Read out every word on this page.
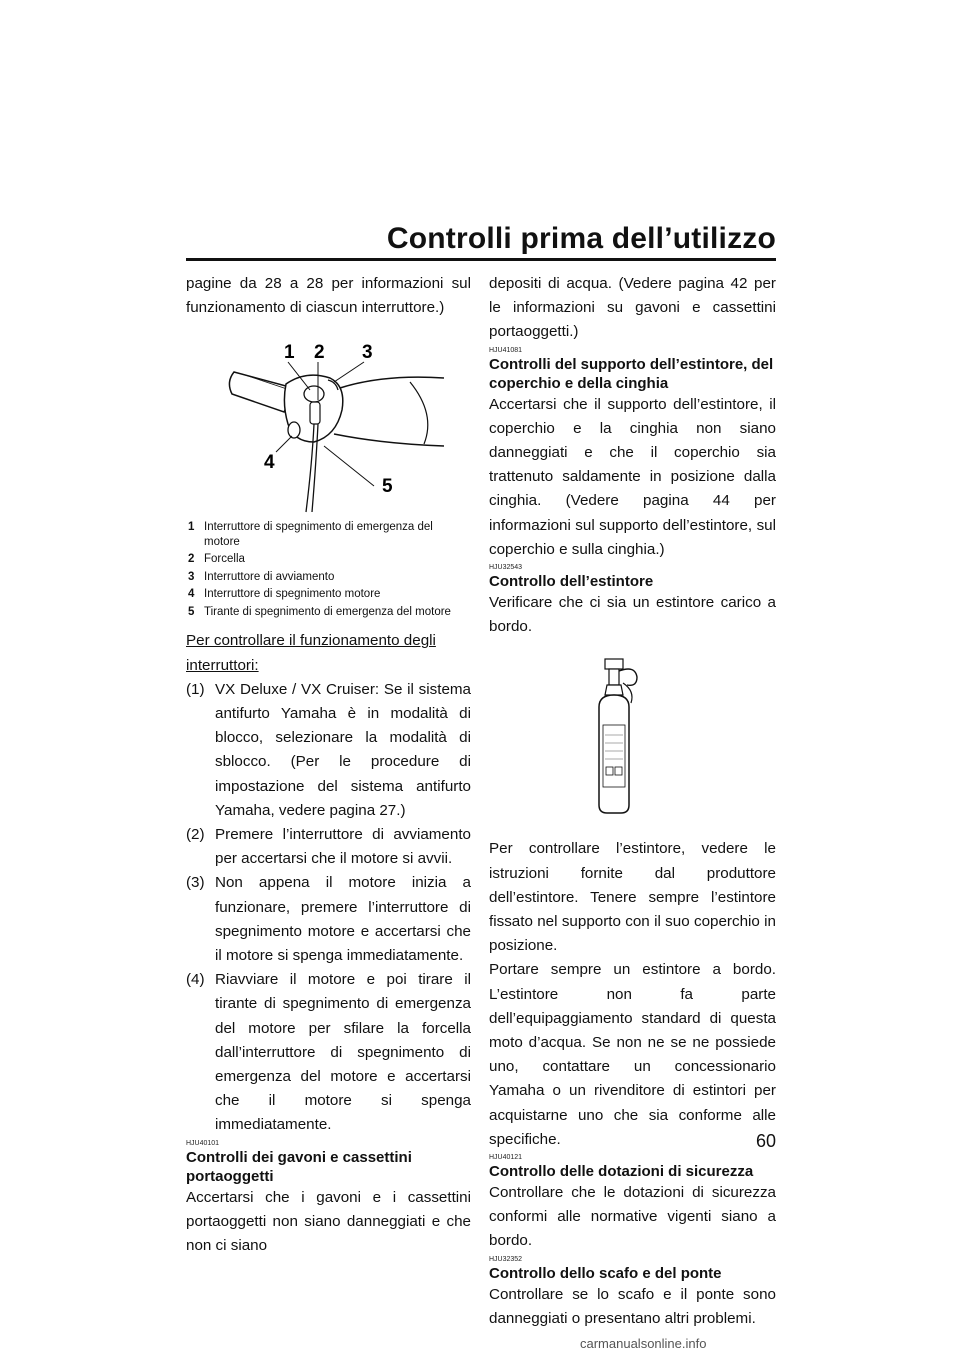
Controlli prima dell’utilizzo

pagine da 28 a 28 per informazioni sul funzionamento di ciascun interruttore.)

1 2 3
4
5
1 Interruttore di spegnimento di emergenza del motore
2 Forcella
3 Interruttore di avviamento
4 Interruttore di spegnimento motore
5 Tirante di spegnimento di emergenza del motore

Per controllare il funzionamento degli interruttori:

(1) VX Deluxe / VX Cruiser: Se il sistema antifurto Yamaha è in modalità di blocco, selezionare la modalità di sblocco. (Per le procedure di impostazione del sistema antifurto Yamaha, vedere pagina 27.)
(2) Premere l’interruttore di avviamento per accertarsi che il motore si avvii.
(3) Non appena il motore inizia a funzionare, premere l’interruttore di spegnimento motore e accertarsi che il motore si spenga immediatamente.
(4) Riavviare il motore e poi tirare il tirante di spegnimento di emergenza del motore per sfilare la forcella dall’interruttore di spegnimento di emergenza del motore e accertarsi che il motore si spenga immediatamente.
HJU40101
Controlli dei gavoni e cassettini portaoggetti

Accertarsi che i gavoni e i cassettini portaoggetti non siano danneggiati e che non ci siano

depositi di acqua. (Vedere pagina 42 per le informazioni su gavoni e cassettini portaoggetti.)

HJU41081
Controlli del supporto dell’estintore, del coperchio e della cinghia

Accertarsi che il supporto dell’estintore, il coperchio e la cinghia non siano danneggiati e che il coperchio sia trattenuto saldamente in posizione dalla cinghia. (Vedere pagina 44 per informazioni sul supporto dell’estintore, sul coperchio e sulla cinghia.)

HJU32543
Controllo dell’estintore

Verificare che ci sia un estintore carico a bordo.

Per controllare l’estintore, vedere le istruzioni fornite dal produttore dell’estintore. Tenere sempre l’estintore fissato nel supporto con il suo coperchio in posizione.

Portare sempre un estintore a bordo. L’estintore non fa parte dell’equipaggiamento standard di questa moto d’acqua. Se non ne se ne possiede uno, contattare un concessionario Yamaha o un rivenditore di estintori per acquistarne uno che sia conforme alle specifiche.

HJU40121
Controllo delle dotazioni di sicurezza

Controllare che le dotazioni di sicurezza conformi alle normative vigenti siano a bordo.

HJU32352
Controllo dello scafo e del ponte

Controllare se lo scafo e il ponte sono danneggiati o presentano altri problemi.

60
carmanualsonline.info
